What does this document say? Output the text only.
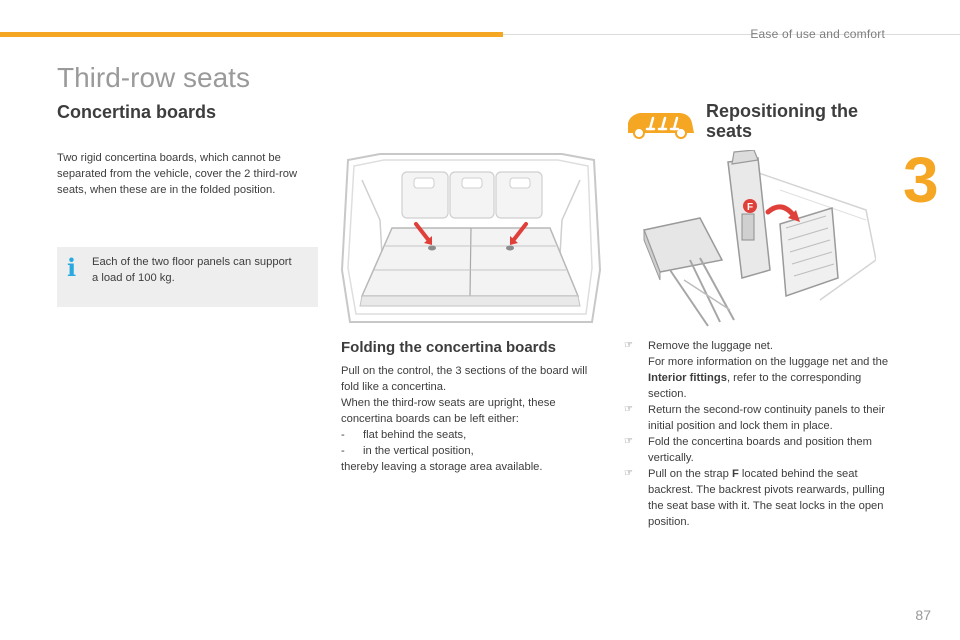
Ease of use and comfort
3
Third-row seats
Concertina boards

Two rigid concertina boards, which cannot be separated from the vehicle, cover the 2 third-row seats, when these are in the folded position.

i Each of the two floor panels can support a load of 100 kg.

Repositioning the seats
F
Folding the concertina boards

Pull on the control, the 3 sections of the board will fold like a concertina.

When the third-row seats are upright, these concertina boards can be left either:

- flat behind the seats,

- in the vertical position,

thereby leaving a storage area available.

☞ Remove the luggage net.
For more information on the luggage net and the Interior fittings, refer to the corresponding section.
☞ Return the second-row continuity panels to their initial position and lock them in place.
☞ Fold the concertina boards and position them vertically.
☞ Pull on the strap F located behind the seat backrest. The backrest pivots rearwards, pulling the seat base with it. The seat locks in the open position.
87
